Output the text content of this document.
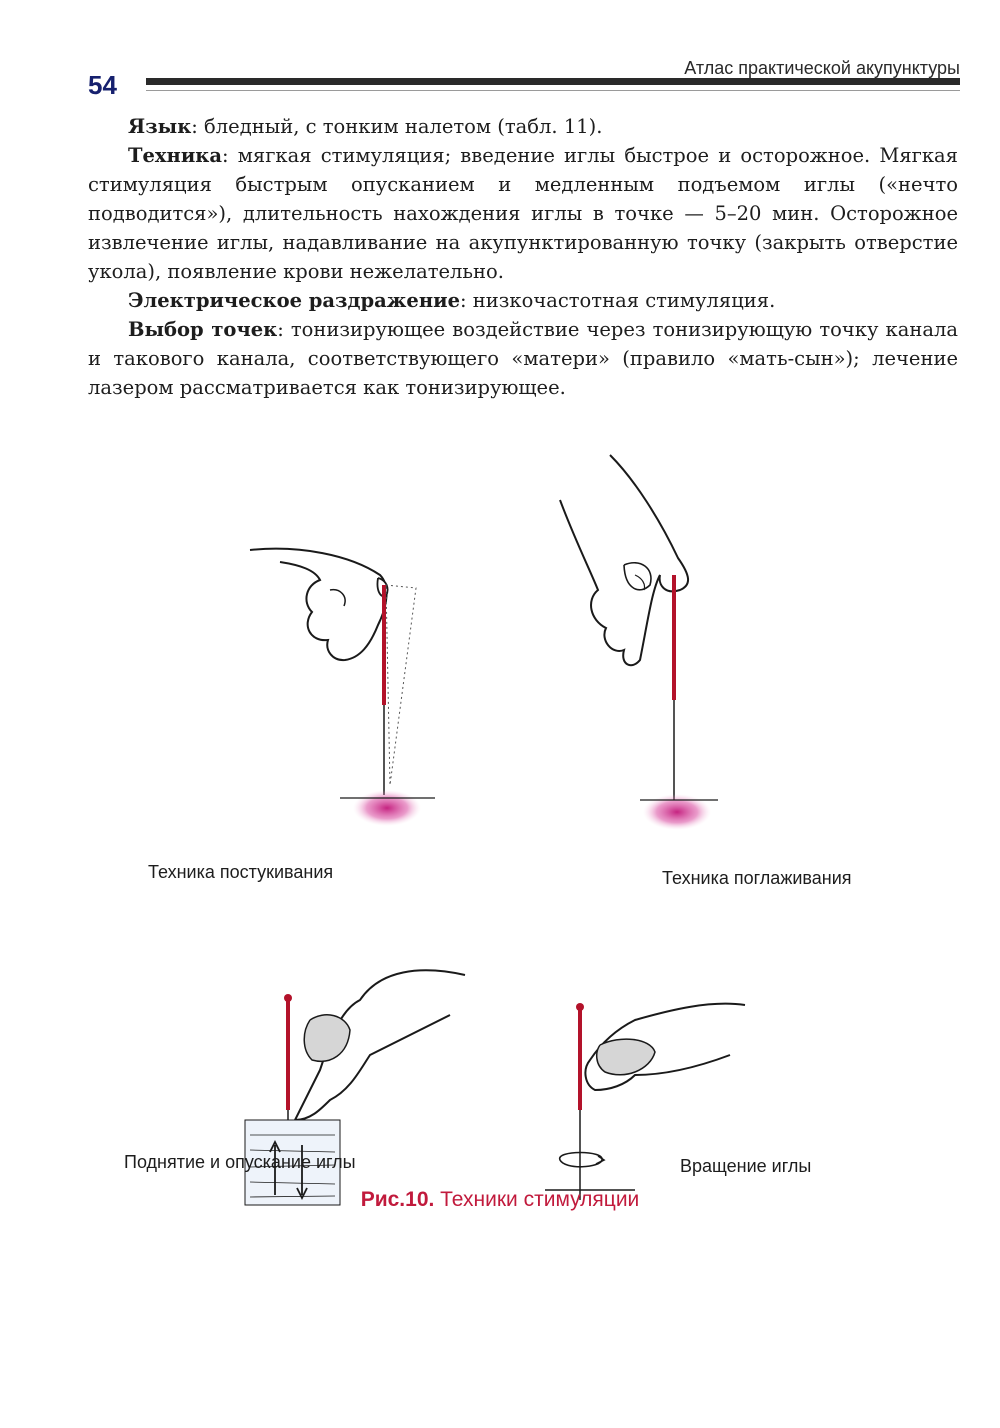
54
Атлас практической акупунктуры

Язык: бледный, с тонким налетом (табл. 11).

Техника: мягкая стимуляция; введение иглы быстрое и осторожное. Мягкая стимуляция быстрым опусканием и медленным подъемом иглы («нечто подводится»), длительность нахождения иглы в точке — 5–20 мин. Осторожное извлечение иглы, надавливание на акупунктированную точку (закрыть отверстие укола), появление крови нежелательно.

Электрическое раздражение: низкочастотная стимуляция.

Выбор точек: тонизирующее воздействие через тонизирующую точку канала и такового канала, соответствующего «матери» (правило «мать-сын»); лечение лазером рассматривается как тонизирующее.

Техника постукивания	Техника поглаживания
Поднятие и опускание иглы	Вращение иглы
Рис.10. Техники стимуляции
